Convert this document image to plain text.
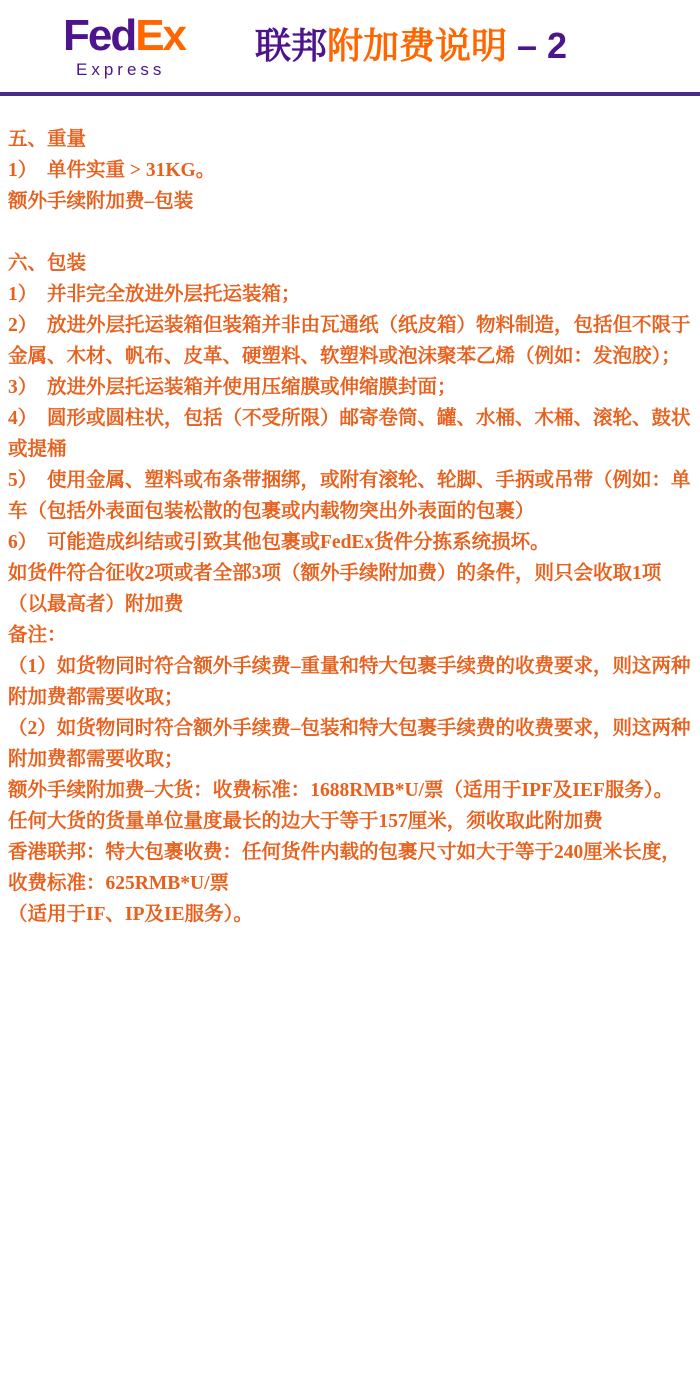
FedEx
Express
联邦附加费说明 – 2
五、重量
1）  单件实重 > 31KG。
额外手续附加费–包装
六、包装
1）  并非完全放进外层托运装箱；
2）  放进外层托运装箱但装箱并非由瓦通纸（纸皮箱）物料制造，包括但不限于金属、木材、帆布、皮革、硬塑料、软塑料或泡沫聚苯乙烯（例如：发泡胶）；
3）  放进外层托运装箱并使用压缩膜或伸缩膜封面；
4）  圆形或圆柱状，包括（不受所限）邮寄卷筒、罐、水桶、木桶、滚轮、鼓状或提桶
5）  使用金属、塑料或布条带捆绑，或附有滚轮、轮脚、手抦或吊带（例如：单车（包括外表面包装松散的包裹或内载物突出外表面的包裹）
6）  可能造成纠结或引致其他包裹或FedEx货件分拣系统损坏。
如货件符合征收2项或者全部3项（额外手续附加费）的条件，则只会收取1项（以最高者）附加费
备注：
（1）如货物同时符合额外手续费–重量和特大包裹手续费的收费要求，则这两种附加费都需要收取；
（2）如货物同时符合额外手续费–包装和特大包裹手续费的收费要求，则这两种附加费都需要收取；
额外手续附加费–大货：收费标准：1688RMB*U/票（适用于IPF及IEF服务）。任何大货的货量单位量度最长的边大于等于157厘米，须收取此附加费
香港联邦：特大包裹收费：任何货件内载的包裹尺寸如大于等于240厘米长度，收费标准：625RMB*U/票
（适用于IF、IP及IE服务）。
